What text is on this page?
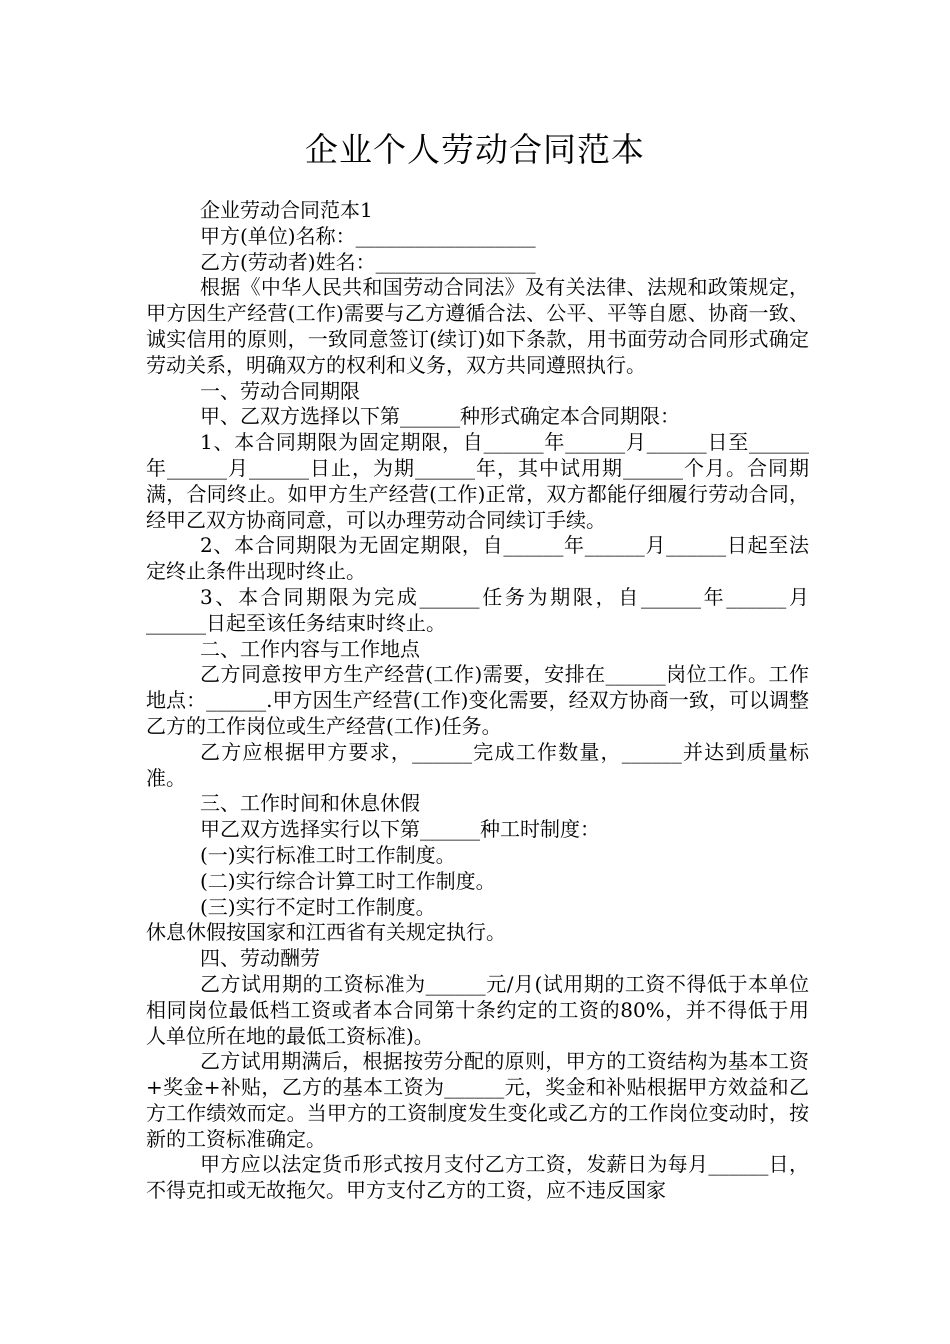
企业个人劳动合同范本

企业劳动合同范本1

甲方(单位)名称：__________________

乙方(劳动者)姓名：________________

根据《中华人民共和国劳动合同法》及有关法律、法规和政策规定，甲方因生产经营(工作)需要与乙方遵循合法、公平、平等自愿、协商一致、诚实信用的原则，一致同意签订(续订)如下条款，用书面劳动合同形式确定劳动关系，明确双方的权利和义务，双方共同遵照执行。

一、劳动合同期限

甲、乙双方选择以下第______种形式确定本合同期限：

1、本合同期限为固定期限，自______年______月______日至______年______月______日止，为期______年，其中试用期______个月。合同期满，合同终止。如甲方生产经营(工作)正常，双方都能仔细履行劳动合同，经甲乙双方协商同意，可以办理劳动合同续订手续。

2、本合同期限为无固定期限，自______年______月______日起至法定终止条件出现时终止。

3、本合同期限为完成______任务为期限，自______年______月______日起至该任务结束时终止。

二、工作内容与工作地点

乙方同意按甲方生产经营(工作)需要，安排在______岗位工作。工作地点：______.甲方因生产经营(工作)变化需要，经双方协商一致，可以调整乙方的工作岗位或生产经营(工作)任务。

乙方应根据甲方要求，______完成工作数量，______并达到质量标准。

三、工作时间和休息休假

甲乙双方选择实行以下第______种工时制度：

(一)实行标准工时工作制度。

(二)实行综合计算工时工作制度。

(三)实行不定时工作制度。

休息休假按国家和江西省有关规定执行。

四、劳动酬劳

乙方试用期的工资标准为______元/月(试用期的工资不得低于本单位相同岗位最低档工资或者本合同第十条约定的工资的80%，并不得低于用人单位所在地的最低工资标准)。

乙方试用期满后，根据按劳分配的原则，甲方的工资结构为基本工资+奖金+补贴，乙方的基本工资为______元，奖金和补贴根据甲方效益和乙方工作绩效而定。当甲方的工资制度发生变化或乙方的工作岗位变动时，按新的工资标准确定。

甲方应以法定货币形式按月支付乙方工资，发薪日为每月______日，不得克扣或无故拖欠。甲方支付乙方的工资，应不违反国家
